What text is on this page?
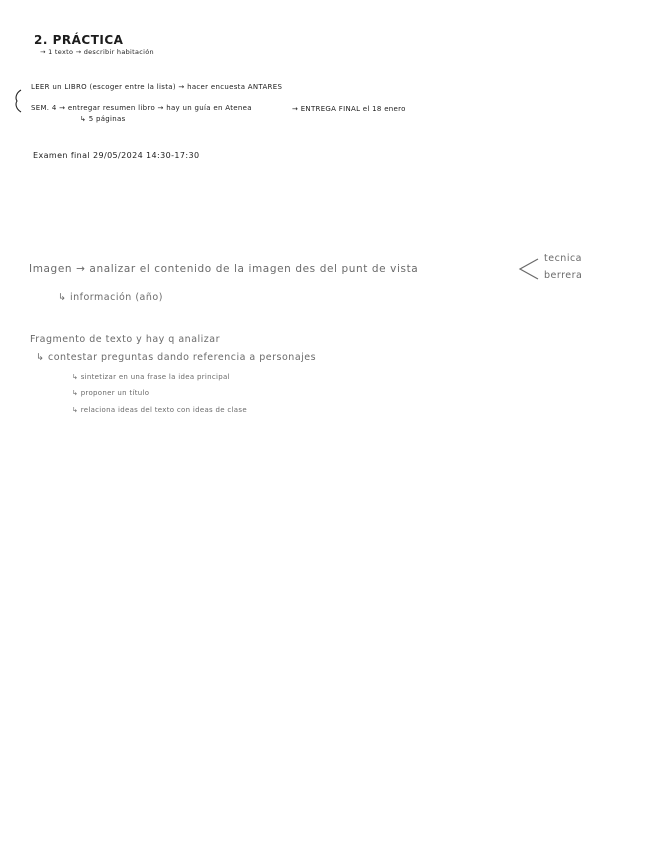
2. PRÁCTICA
→ 1 texto → describir habitación
LEER un LIBRO (escoger entre la lista) → hacer encuesta ANTARES
SEM. 4 → entregar resumen libro → hay un guía en Atenea
↳ 5 páginas
→ ENTREGA FINAL el 18 enero
Examen final 29/05/2024 14:30-17:30
Imagen → analizar el contenido de la imagen des del punt de vista
tecnica
berrera
↳ información (año)
Fragmento de texto y hay q analizar
↳ contestar preguntas dando referencia a personajes
↳ sintetizar en una frase la idea principal
↳ proponer un título
↳ relaciona ideas del texto con ideas de clase
